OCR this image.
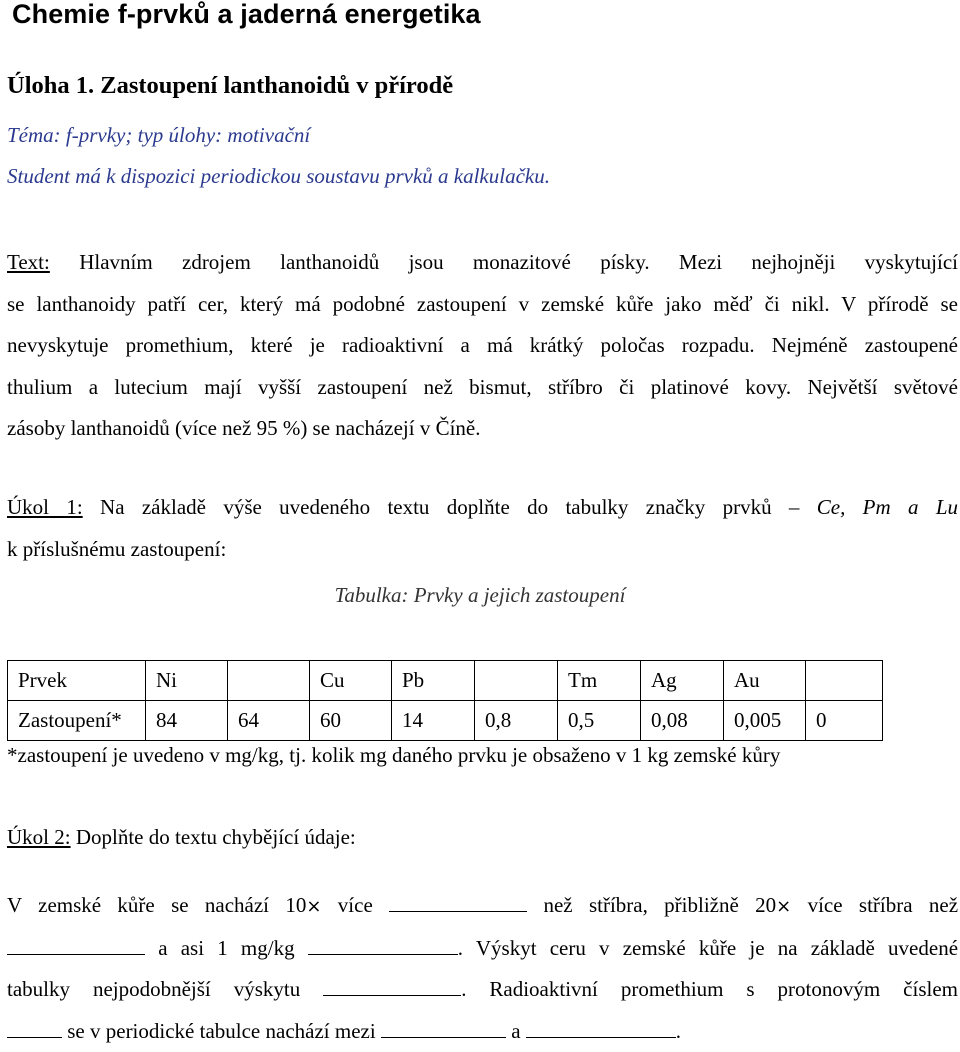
Chemie f-prvků a jaderná energetika
Úloha 1. Zastoupení lanthanoidů v přírodě
Téma: f-prvky; typ úlohy: motivační
Student má k dispozici periodickou soustavu prvků a kalkulačku.
Text: Hlavním zdrojem lanthanoidů jsou monazitové písky. Mezi nejhojněji vyskytující
se lanthanoidy patří cer, který má podobné zastoupení v zemské kůře jako měď či nikl. V přírodě se
nevyskytuje promethium, které je radioaktivní a má krátký poločas rozpadu. Nejméně zastoupené
thulium a lutecium mají vyšší zastoupení než bismut, stříbro či platinové kovy. Největší světové
zásoby lanthanoidů (více než 95 %) se nacházejí v Číně.
Úkol 1: Na základě výše uvedeného textu doplňte do tabulky značky prvků – Ce, Pm a Lu
k příslušnému zastoupení:
Tabulka: Prvky a jejich zastoupení
Prvek	Ni		Cu	Pb		Tm	Ag	Au	
Zastoupení*	84	64	60	14	0,8	0,5	0,08	0,005	0
*zastoupení je uvedeno v mg/kg, tj. kolik mg daného prvku je obsaženo v 1 kg zemské kůry
Úkol 2: Doplňte do textu chybějící údaje:
V zemské kůře se nachází 10× více	než stříbra, přibližně 20× více stříbra než
a asi 1 mg/kg	. Výskyt ceru v zemské kůře je na základě uvedené
tabulky nejpodobnější výskytu	. Radioaktivní promethium s protonovým číslem
se v periodické tabulce nachází mezi	a	.
